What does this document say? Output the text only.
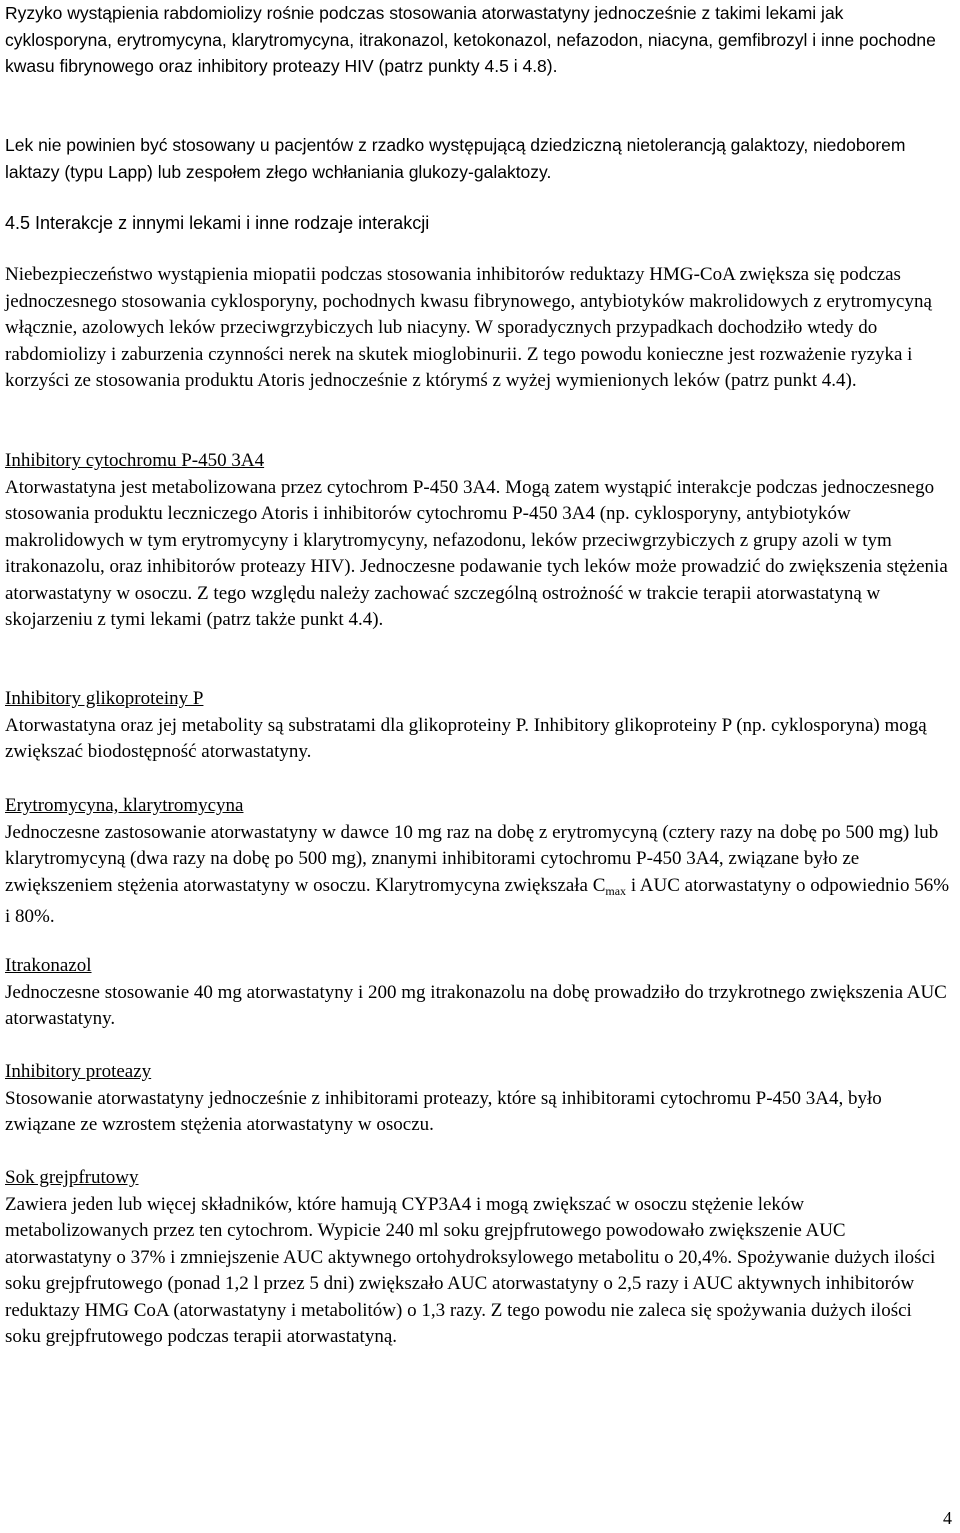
Ryzyko wystąpienia rabdomiolizy rośnie podczas stosowania atorwastatyny jednocześnie z takimi lekami jak cyklosporyna, erytromycyna, klarytromycyna, itrakonazol, ketokonazol, nefazodon, niacyna, gemfibrozyl i inne pochodne kwasu fibrynowego oraz inhibitory proteazy HIV (patrz punkty 4.5 i 4.8).

Lek nie powinien być stosowany u pacjentów z rzadko występującą dziedziczną nietolerancją galaktozy, niedoborem laktazy (typu Lapp) lub zespołem złego wchłaniania glukozy-galaktozy.

4.5 Interakcje z innymi lekami i inne rodzaje interakcji

Niebezpieczeństwo wystąpienia miopatii podczas stosowania inhibitorów reduktazy HMG-CoA zwiększa się podczas jednoczesnego stosowania cyklosporyny, pochodnych kwasu fibrynowego, antybiotyków makrolidowych z erytromycyną włącznie, azolowych leków przeciwgrzybiczych lub niacyny. W sporadycznych przypadkach dochodziło wtedy do rabdomiolizy i zaburzenia czynności nerek na skutek mioglobinurii. Z tego powodu konieczne jest rozważenie ryzyka i korzyści ze stosowania produktu Atoris jednocześnie z którymś z wyżej wymienionych leków (patrz punkt 4.4).

Inhibitory cytochromu P-450 3A4

Atorwastatyna jest metabolizowana przez cytochrom P-450 3A4. Mogą zatem wystąpić interakcje podczas jednoczesnego stosowania produktu leczniczego Atoris i inhibitorów cytochromu P-450 3A4 (np. cyklosporyny, antybiotyków makrolidowych w tym erytromycyny i klarytromycyny, nefazodonu, leków przeciwgrzybiczych z grupy azoli w tym itrakonazolu, oraz inhibitorów proteazy HIV). Jednoczesne podawanie tych leków może prowadzić do zwiększenia stężenia atorwastatyny w osoczu. Z tego względu należy zachować szczególną ostrożność w trakcie terapii atorwastatyną w skojarzeniu z tymi lekami (patrz także punkt 4.4).

Inhibitory glikoproteiny P

Atorwastatyna oraz jej metabolity są substratami dla glikoproteiny P. Inhibitory glikoproteiny P (np. cyklosporyna) mogą zwiększać biodostępność atorwastatyny.

Erytromycyna, klarytromycyna

Jednoczesne zastosowanie atorwastatyny w dawce 10 mg raz na dobę z erytromycyną (cztery razy na dobę po 500 mg) lub klarytromycyną (dwa razy na dobę po 500 mg), znanymi inhibitorami cytochromu P-450 3A4, związane było ze zwiększeniem stężenia atorwastatyny w osoczu. Klarytromycyna zwiększała $C_{max}$ i AUC atorwastatyny o odpowiednio 56% i 80%.

Itrakonazol

Jednoczesne stosowanie 40 mg atorwastatyny i 200 mg itrakonazolu na dobę prowadziło do trzykrotnego zwiększenia AUC atorwastatyny.

Inhibitory proteazy

Stosowanie atorwastatyny jednocześnie z inhibitorami proteazy, które są inhibitorami cytochromu P-450 3A4, było związane ze wzrostem stężenia atorwastatyny w osoczu.

Sok grejpfrutowy

Zawiera jeden lub więcej składników, które hamują CYP3A4 i mogą zwiększać w osoczu stężenie leków metabolizowanych przez ten cytochrom. Wypicie 240 ml soku grejpfrutowego powodowało zwiększenie AUC atorwastatyny o 37% i zmniejszenie AUC aktywnego ortohydroksylowego metabolitu o 20,4%. Spożywanie dużych ilości soku grejpfrutowego (ponad 1,2 l przez 5 dni) zwiększało AUC atorwastatyny o 2,5 razy i AUC aktywnych inhibitorów reduktazy HMG CoA (atorwastatyny i metabolitów) o 1,3 razy. Z tego powodu nie zaleca się spożywania dużych ilości soku grejpfrutowego podczas terapii atorwastatyną.

4
